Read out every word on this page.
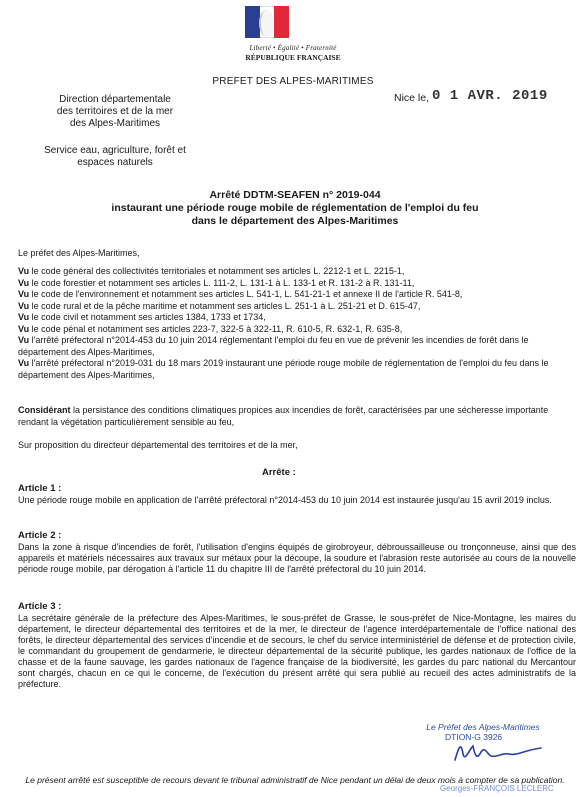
Liberté • Égalité • Fraternité
RÉPUBLIQUE FRANÇAISE
PREFET DES ALPES-MARITIMES
Direction départementale
des territoires et de la mer
des Alpes-Maritimes
Service eau, agriculture, forêt et
espaces naturels
Nice le, 0 1 AVR. 2019
Arrêté DDTM-SEAFEN n° 2019-044
instaurant une période rouge mobile de réglementation de l'emploi du feu
dans le département des Alpes-Maritimes
Le préfet des Alpes-Maritimes,
Vu le code général des collectivités territoriales et notamment ses articles L. 2212-1 et L. 2215-1,
Vu le code forestier et notamment ses articles L. 111-2, L. 131-1 à L. 133-1 et R. 131-2 à R. 131-11,
Vu le code de l'environnement et notamment ses articles L. 541-1, L. 541-21-1 et annexe II de l'article R. 541-8,
Vu le code rural et de la pêche maritime et notamment ses articles L. 251-1 à L. 251-21 et D. 615-47,
Vu le code civil et notamment ses articles 1384, 1733 et 1734,
Vu le code pénal et notamment ses articles 223-7, 322-5 à 322-11, R. 610-5, R. 632-1, R. 635-8,
Vu l'arrêté préfectoral n°2014-453 du 10 juin 2014 réglementant l'emploi du feu en vue de prévenir les incendies de forêt dans le département des Alpes-Maritimes,
Vu l'arrêté préfectoral n°2019-031 du 18 mars 2019 instaurant une période rouge mobile de réglementation de l'emploi du feu dans le département des Alpes-Maritimes,
Considérant la persistance des conditions climatiques propices aux incendies de forêt, caractérisées par une sécheresse importante rendant la végétation particulièrement sensible au feu,
Sur proposition du directeur départemental des territoires et de la mer,
Arrête :
Article 1 :
Une période rouge mobile en application de l'arrêté préfectoral n°2014-453 du 10 juin 2014 est instaurée jusqu'au 15 avril 2019 inclus.
Article 2 :
Dans la zone à risque d'incendies de forêt, l'utilisation d'engins équipés de girobroyeur, débroussailleuse ou tronçonneuse, ainsi que des appareils et matériels nécessaires aux travaux sur métaux pour la découpe, la soudure et l'abrasion reste autorisée au cours de la nouvelle période rouge mobile, par dérogation à l'article 11 du chapitre III de l'arrêté préfectoral du 10 juin 2014.
Article 3 :
La secrétaire générale de la préfecture des Alpes-Maritimes, le sous-préfet de Grasse, le sous-préfet de Nice-Montagne, les maires du département, le directeur départemental des territoires et de la mer, le directeur de l'agence interdépartementale de l'office national des forêts, le directeur départemental des services d'incendie et de secours, le chef du service interministériel de défense et de protection civile, le commandant du groupement de gendarmerie, le directeur départemental de la sécurité publique, les gardes nationaux de l'office de la chasse et de la faune sauvage, les gardes nationaux de l'agence française de la biodiversité, les gardes du parc national du Mercantour sont chargés, chacun en ce qui le concerne, de l'exécution du présent arrêté qui sera publié au recueil des actes administratifs de la préfecture.
Le Préfet des Alpes-Maritimes
DTION-G 3926
Le présent arrêté est susceptible de recours devant le tribunal administratif de Nice pendant un délai de deux mois à compter de sa publication.
Georges-FRANÇOIS LECLERC
